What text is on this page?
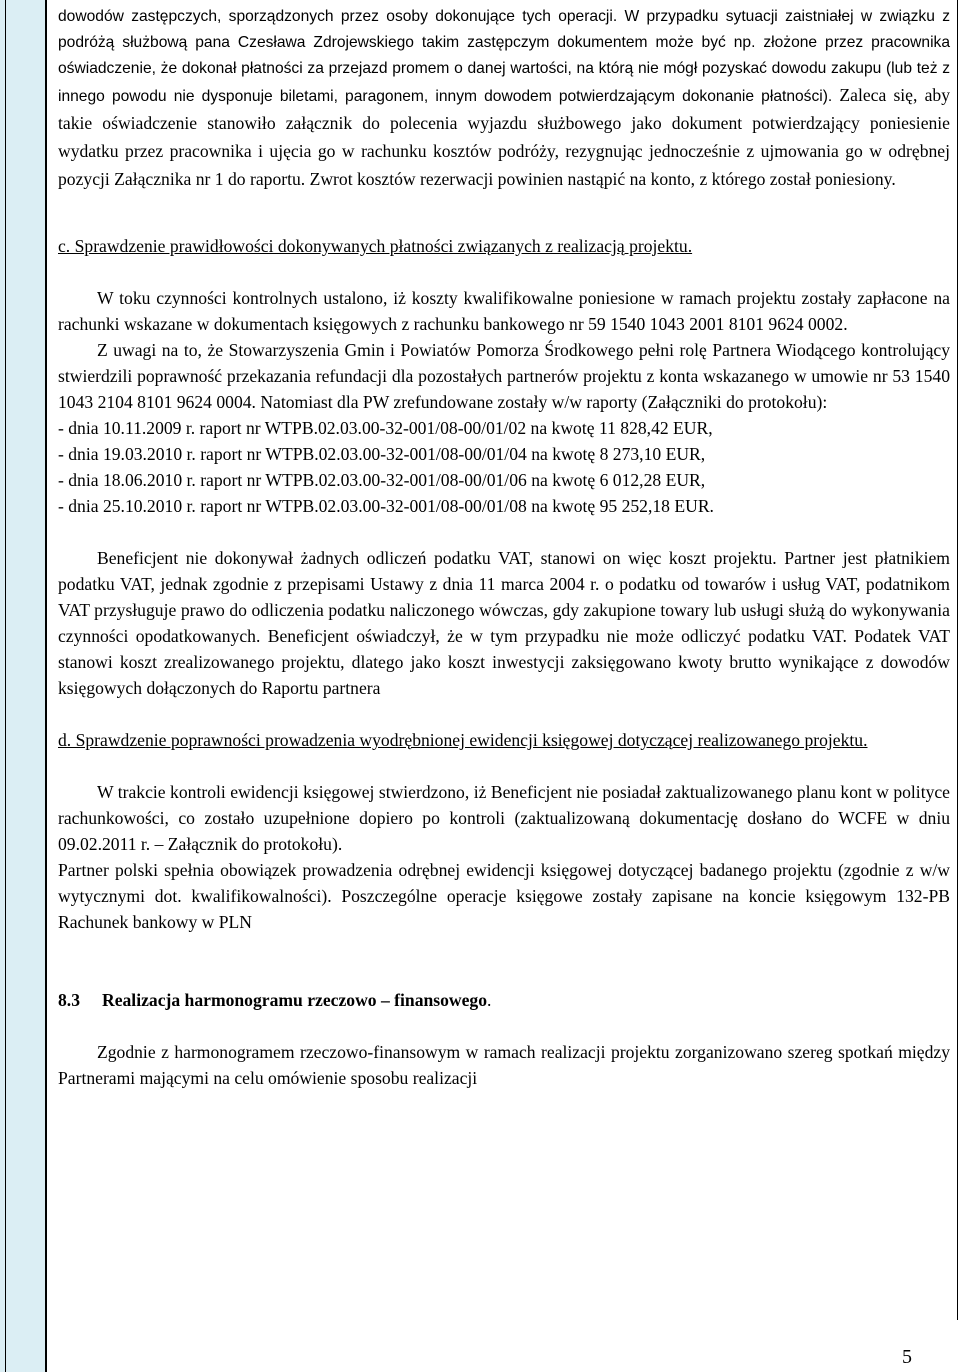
dowodów zastępczych, sporządzonych przez osoby dokonujące tych operacji. W przypadku sytuacji zaistniałej w związku z podróżą służbową pana Czesława Zdrojewskiego takim zastępczym dokumentem może być np. złożone przez pracownika oświadczenie, że dokonał płatności za przejazd promem o danej wartości, na którą nie mógł pozyskać dowodu zakupu (lub też z innego powodu nie dysponuje biletami, paragonem, innym dowodem potwierdzającym dokonanie płatności). Zaleca się, aby takie oświadczenie stanowiło załącznik do polecenia wyjazdu służbowego jako dokument potwierdzający poniesienie wydatku przez pracownika i ujęcia go w rachunku kosztów podróży, rezygnując jednocześnie z ujmowania go w odrębnej pozycji Załącznika nr 1 do raportu. Zwrot kosztów rezerwacji powinien nastąpić na konto, z którego został poniesiony.

c. Sprawdzenie prawidłowości dokonywanych płatności związanych z realizacją projektu.

W toku czynności kontrolnych ustalono, iż koszty kwalifikowalne poniesione w ramach projektu zostały zapłacone na rachunki wskazane w dokumentach księgowych z rachunku bankowego nr 59 1540 1043 2001 8101 9624 0002.

Z uwagi na to, że Stowarzyszenia Gmin i Powiatów Pomorza Środkowego pełni rolę Partnera Wiodącego kontrolujący stwierdzili poprawność przekazania refundacji dla pozostałych partnerów projektu z konta wskazanego w umowie nr 53 1540 1043 2104 8101 9624 0004. Natomiast dla PW zrefundowane zostały w/w raporty (Załączniki do protokołu):

- dnia 10.11.2009 r. raport nr WTPB.02.03.00-32-001/08-00/01/02 na kwotę 11 828,42 EUR,
- dnia 19.03.2010 r. raport nr WTPB.02.03.00-32-001/08-00/01/04 na kwotę 8 273,10 EUR,
- dnia 18.06.2010 r. raport nr WTPB.02.03.00-32-001/08-00/01/06 na kwotę 6 012,28 EUR,
- dnia 25.10.2010 r. raport nr WTPB.02.03.00-32-001/08-00/01/08 na kwotę 95 252,18 EUR.

Beneficjent nie dokonywał żadnych odliczeń podatku VAT, stanowi on więc koszt projektu. Partner jest płatnikiem podatku VAT, jednak zgodnie z przepisami Ustawy z dnia 11 marca 2004 r. o podatku od towarów i usług VAT, podatnikom VAT przysługuje prawo do odliczenia podatku naliczonego wówczas, gdy zakupione towary lub usługi służą do wykonywania czynności opodatkowanych. Beneficjent oświadczył, że w tym przypadku nie może odliczyć podatku VAT. Podatek VAT stanowi koszt zrealizowanego projektu, dlatego jako koszt inwestycji zaksięgowano kwoty brutto wynikające z dowodów księgowych dołączonych do Raportu partnera

d. Sprawdzenie poprawności prowadzenia wyodrębnionej ewidencji księgowej dotyczącej realizowanego projektu.

W trakcie kontroli ewidencji księgowej stwierdzono, iż Beneficjent nie posiadał zaktualizowanego planu kont w polityce rachunkowości, co zostało uzupełnione dopiero po kontroli (zaktualizowaną dokumentację dosłano do WCFE w dniu 09.02.2011 r. – Załącznik do protokołu).

Partner polski spełnia obowiązek prowadzenia odrębnej ewidencji księgowej dotyczącej badanego projektu (zgodnie z w/w wytycznymi dot. kwalifikowalności). Poszczególne operacje księgowe zostały zapisane na koncie księgowym 132-PB Rachunek bankowy w PLN

8.3 Realizacja harmonogramu rzeczowo – finansowego.

Zgodnie z harmonogramem rzeczowo-finansowym w ramach realizacji projektu zorganizowano szereg spotkań między Partnerami mającymi na celu omówienie sposobu realizacji

5
